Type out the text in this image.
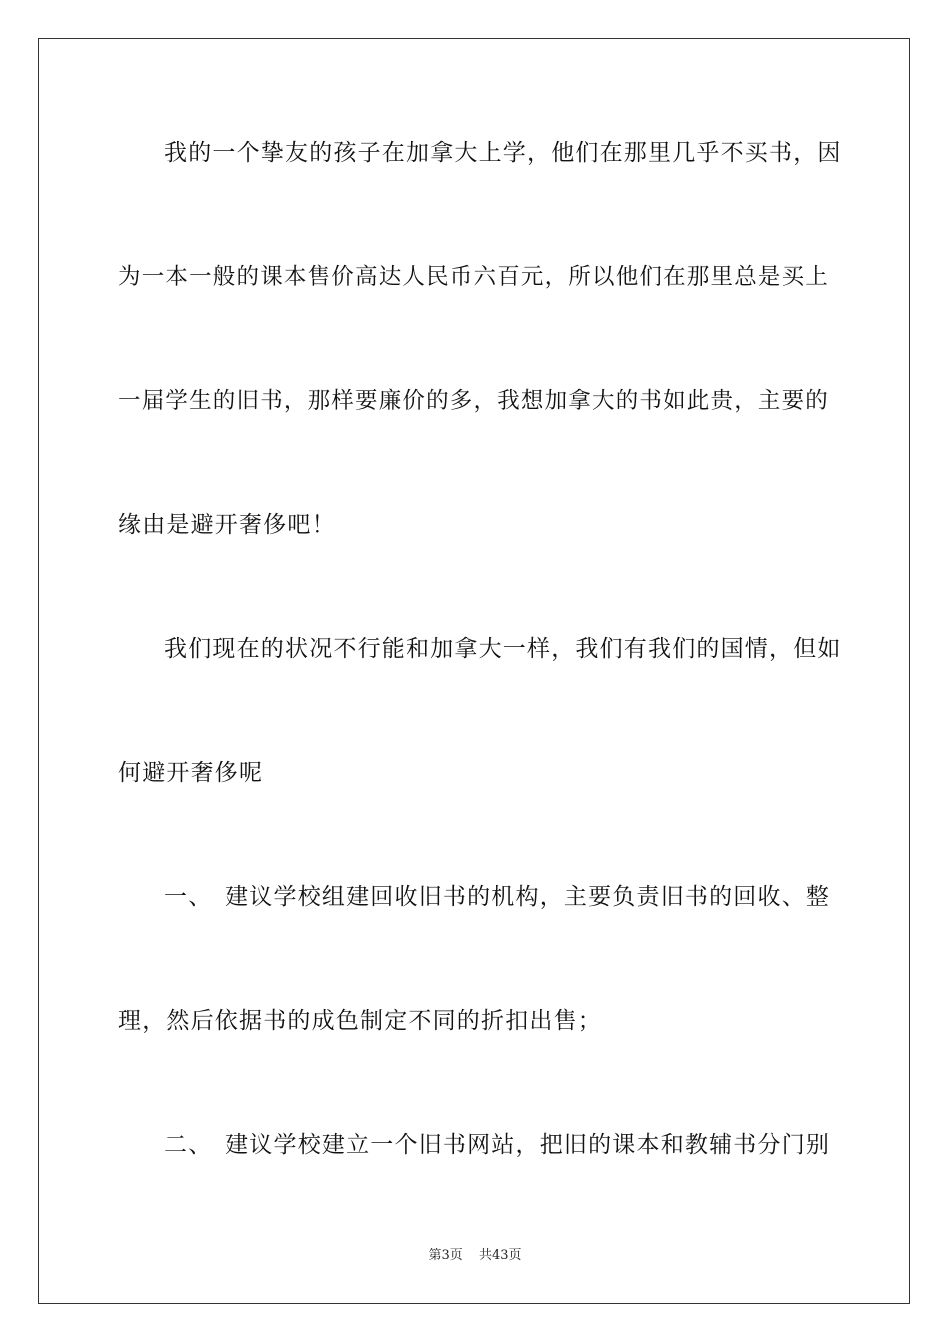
我的一个挚友的孩子在加拿大上学，他们在那里几乎不买书，因
为一本一般的课本售价高达人民币六百元，所以他们在那里总是买上
一届学生的旧书，那样要廉价的多，我想加拿大的书如此贵，主要的
缘由是避开奢侈吧！
我们现在的状况不行能和加拿大一样，我们有我们的国情，但如
何避开奢侈呢
一、　建议学校组建回收旧书的机构，主要负责旧书的回收、整
理，然后依据书的成色制定不同的折扣出售；
二、　建议学校建立一个旧书网站，把旧的课本和教辅书分门别
第3页 共43页
